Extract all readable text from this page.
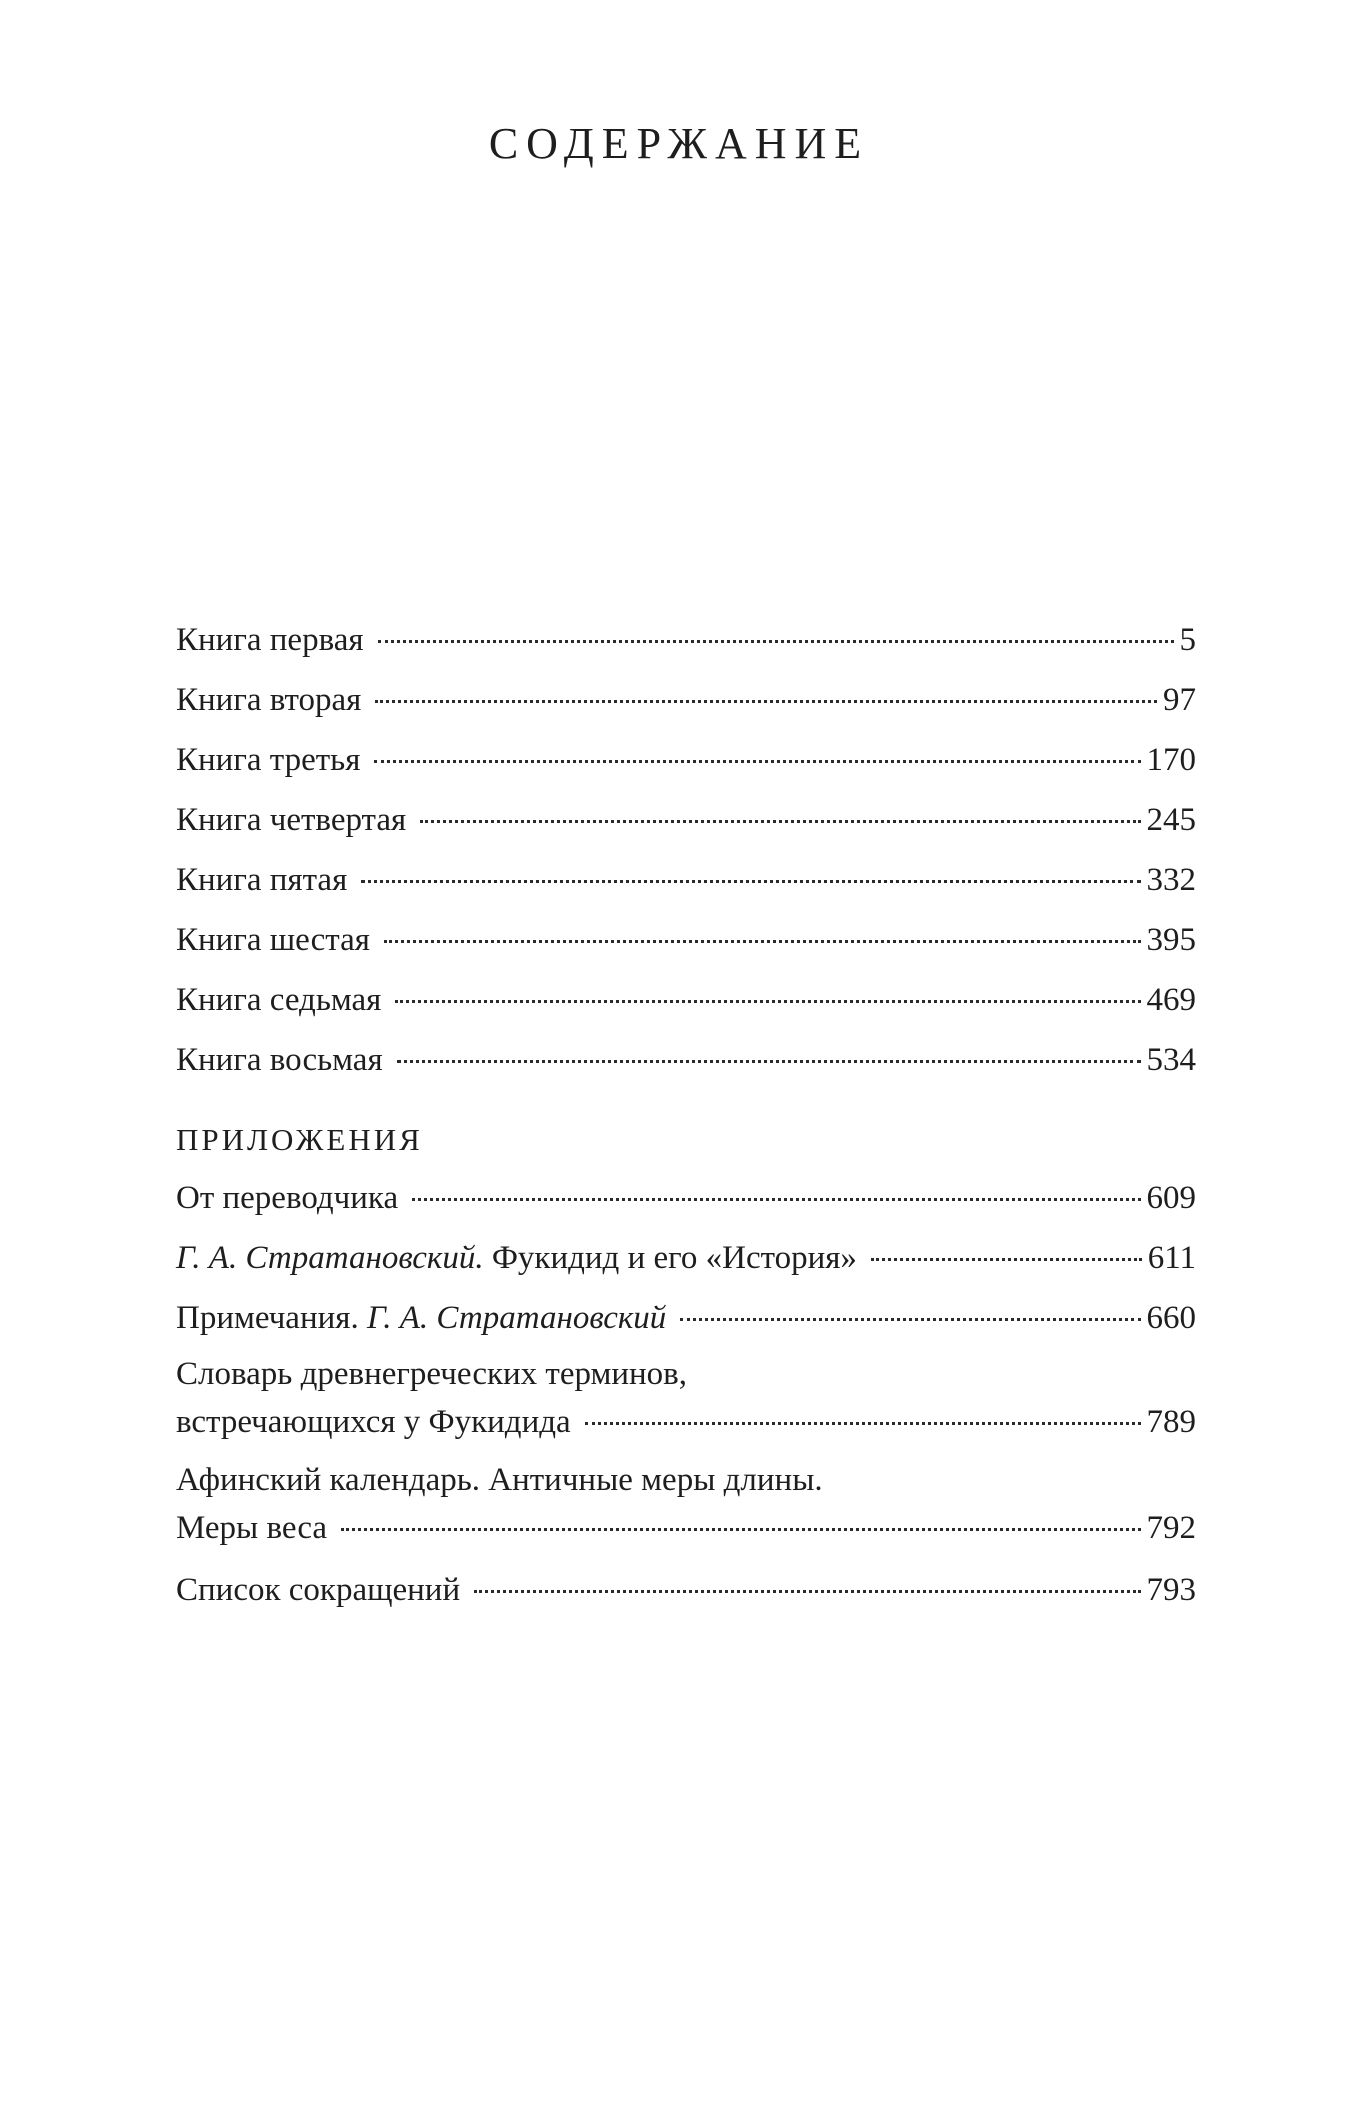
СОДЕРЖАНИЕ
Книга первая	5
Книга вторая	97
Книга третья	170
Книга четвертая	245
Книга пятая	332
Книга шестая	395
Книга седьмая	469
Книга восьмая	534
ПРИЛОЖЕНИЯ
От переводчика	609
Г. А. Стратановский. Фукидид и его «История»	611
Примечания. Г. А. Стратановский	660
Словарь древнегреческих терминов,
встречающихся у Фукидида	789
Афинский календарь. Античные меры длины.
Меры веса	792
Список сокращений	793
